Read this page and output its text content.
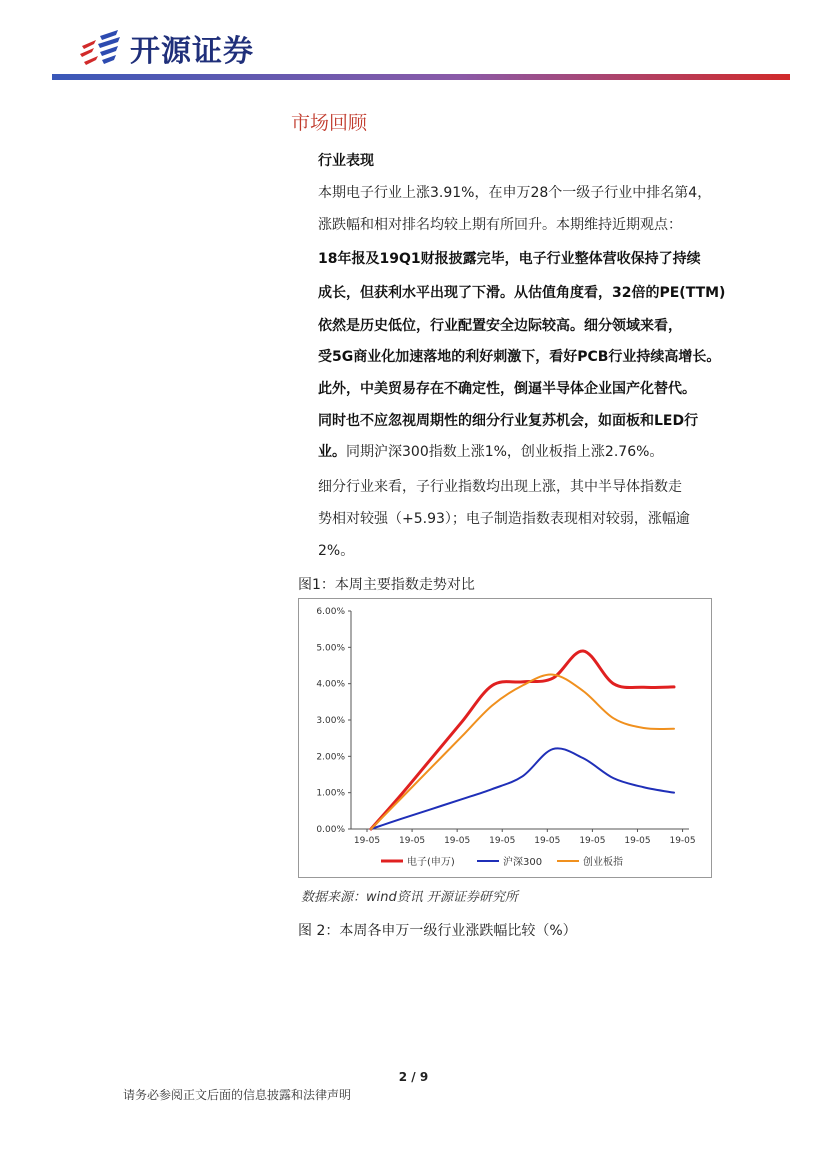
开源证券
市场回顾
行业表现
本期电子行业上涨3.91%，在申万28个一级子行业中排名第4，
涨跌幅和相对排名均较上期有所回升。本期维持近期观点：
18年报及19Q1财报披露完毕，电子行业整体营收保持了持续
成长，但获利水平出现了下滑。从估值角度看，32倍的PE(TTM)
依然是历史低位，行业配置安全边际较高。细分领域来看，
受5G商业化加速落地的利好刺激下，看好PCB行业持续高增长。
此外，中美贸易存在不确定性，倒逼半导体企业国产化替代。
同时也不应忽视周期性的细分行业复苏机会，如面板和LED行
业。同期沪深300指数上涨1%，创业板指上涨2.76%。
细分行业来看，子行业指数均出现上涨，其中半导体指数走
势相对较强（+5.93）；电子制造指数表现相对较弱，涨幅逾
2%。
图1：本周主要指数走势对比
0.00%
1.00%
2.00%
3.00%
4.00%
5.00%
6.00%
19-05 19-05 19-05 19-05 19-05 19-05 19-05 19-05
电子(申万)	沪深300	创业板指
数据来源：wind资讯 开源证券研究所
图 2：本周各申万一级行业涨跌幅比较（%）
2 / 9
请务必参阅正文后面的信息披露和法律声明
